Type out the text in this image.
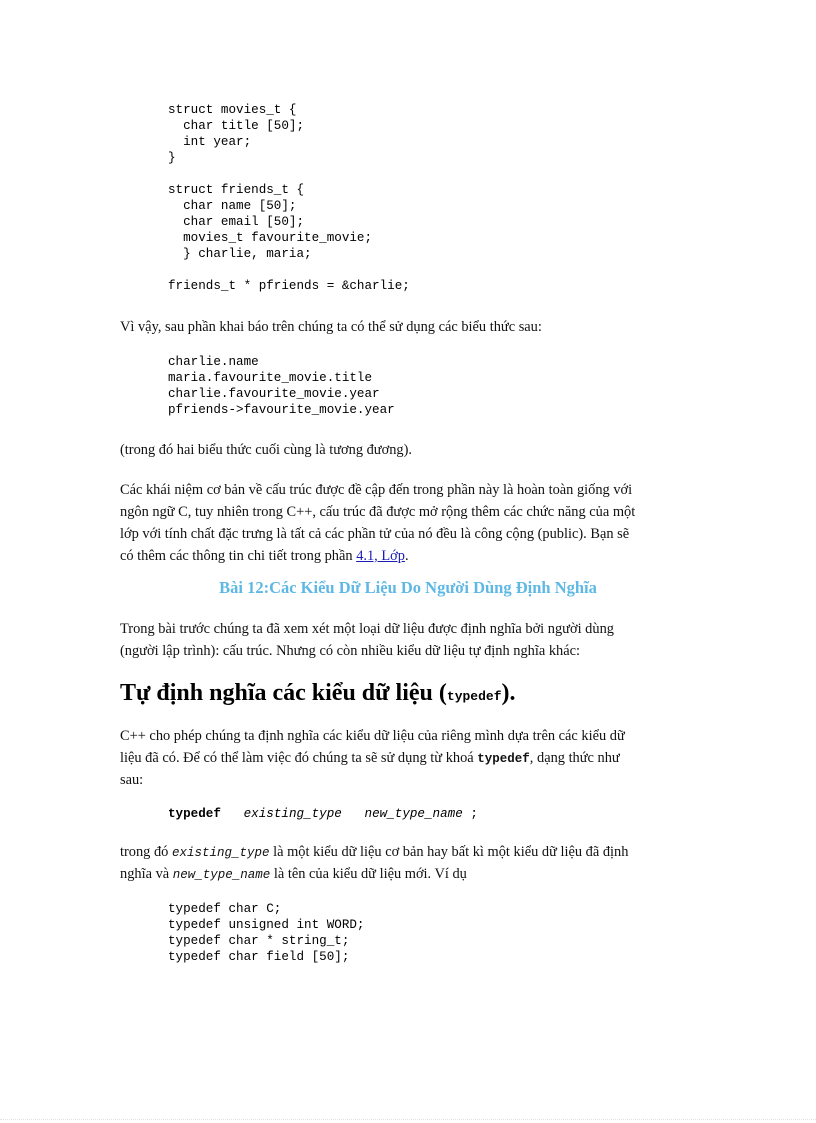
struct movies_t {
char title [50];
int year;
}
struct friends_t {
char name [50];
char email [50];
movies_t favourite_movie;
} charlie, maria;
friends_t * pfriends = &charlie;

Vì vậy, sau phần khai báo trên chúng ta có thể sử dụng các biểu thức sau:

charlie.name
maria.favourite_movie.title
charlie.favourite_movie.year
pfriends->favourite_movie.year

(trong đó hai biểu thức cuối cùng là tương đương).

Các khái niệm cơ bản về cấu trúc được đề cập đến trong phần này là hoàn toàn giống với
ngôn ngữ C, tuy nhiên trong C++, cấu trúc đã được mở rộng thêm các chức năng của một
lớp với tính chất đặc trưng là tất cả các phần tử của nó đều là công cộng (public). Bạn sẽ
có thêm các thông tin chi tiết trong phần 4.1, Lớp.

Bài 12:Các Kiểu Dữ Liệu Do Người Dùng Định Nghĩa

Trong bài trước chúng ta đã xem xét một loại dữ liệu được định nghĩa bởi người dùng
(người lập trình): cấu trúc. Nhưng có còn nhiều kiểu dữ liệu tự định nghĩa khác:

Tự định nghĩa các kiểu dữ liệu (typedef).

C++ cho phép chúng ta định nghĩa các kiểu dữ liệu của riêng mình dựa trên các kiểu dữ
liệu đã có. Để có thể làm việc đó chúng ta sẽ sử dụng từ khoá typedef, dạng thức như
sau:

typedef existing_type new_type_name ;

trong đó existing_type là một kiểu dữ liệu cơ bản hay bất kì một kiểu dữ liệu đã định
nghĩa và new_type_name là tên của kiểu dữ liệu mới. Ví dụ

typedef char C;
typedef unsigned int WORD;
typedef char * string_t;
typedef char field [50];
